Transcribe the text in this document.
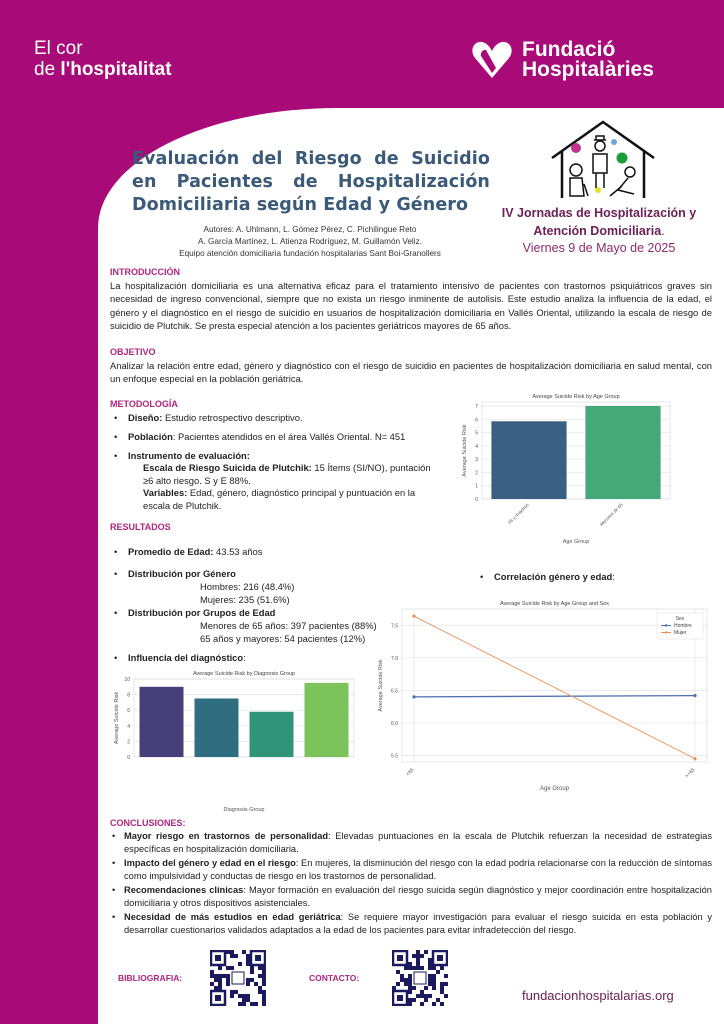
El cor
de l'hospitalitat
Fundació
Hospitalàries
Evaluación del Riesgo de Suicidio en Pacientes de Hospitalización Domiciliaria según Edad y Género
Autores: A. Uhlmann, L. Gómez Pérez, C. Pichilingue Reto
A. García Martínez, L. Atienza Rodríguez, M. Guillamón Veliz.
Equipo atención domiciliaria fundación hospitalarias Sant Boi-Granollers
IV Jornadas de Hospitalización y
Atención Domiciliaria.
Viernes 9 de Mayo de 2025
INTRODUCCIÓN
La hospitalización domiciliaria es una alternativa eficaz para el tratamiento intensivo de pacientes con trastornos psiquiátricos graves sin necesidad de ingreso convencional, siempre que no exista un riesgo inminente de autolisis. Este estudio analiza la influencia de la edad, el género y el diagnóstico en el riesgo de suicidio en usuarios de hospitalización domiciliaria en Vallés Oriental, utilizando la escala de riesgo de suicidio de Plutchik. Se presta especial atención a los pacientes geriátricos mayores de 65 años.
OBJETIVO
Analizar la relación entre edad, género y diagnóstico con el riesgo de suicidio en pacientes de hospitalización domiciliaria en salud mental, con un enfoque especial en la población geriátrica.
METODOLOGÍA
• Diseño: Estudio retrospectivo descriptivo.
• Población: Pacientes atendidos en el área Vallés Oriental. N= 451
• Instrumento de evaluación:
Escala de Riesgo Suicida de Plutchik: 15 Ítems (SI/NO), puntación ≥6 alto riesgo. S y E 88%.
Variables: Edad, género, diagnóstico principal y puntuación en la escala de Plutchik.
RESULTADOS
• Promedio de Edad: 43.53 años
• Distribución por Género
Hombres: 216 (48.4%)
Mujeres: 235 (51.6%)
• Distribución por Grupos de Edad
Menores de 65 años: 397 pacientes (88%)
65 años y mayores: 54 pacientes (12%)
• Influencia del diagnóstico:
• Correlación género y edad:
Average Suicide Risk by Age Group
0
1
2
3
4
5
6
7
65 y mayores	Menores de 65
Age Group
Average Suicide Risk
Average Suicide Risk by Diagnosis Group
0
2
4
6
8
10
Diagnosis Group
Average Suicide Risk
Average Suicide Risk by Age Group and Sex
5.5
6.0
6.5
7.0
7.5
<65	>=65
Sex
Hombre
Mujer
Age Group
Average Suicide Risk
CONCLUSIONES:
• Mayor riesgo en trastornos de personalidad: Elevadas puntuaciones en la escala de Plutchik refuerzan la necesidad de estrategias específicas en hospitalización domiciliaria.
• Impacto del género y edad en el riesgo: En mujeres, la disminución del riesgo con la edad podría relacionarse con la reducción de síntomas como impulsividad y conductas de riesgo en los trastornos de personalidad.
• Recomendaciones clínicas: Mayor formación en evaluación del riesgo suicida según diagnóstico y mejor coordinación entre hospitalización domiciliaria y otros dispositivos asistenciales.
• Necesidad de más estudios en edad geriátrica: Se requiere mayor investigación para evaluar el riesgo suicida en esta población y desarrollar cuestionarios validados adaptados a la edad de los pacientes para evitar infradetección del riesgo.
BIBLIOGRAFIA:	CONTACTO:
fundacionhospitalarias.org
